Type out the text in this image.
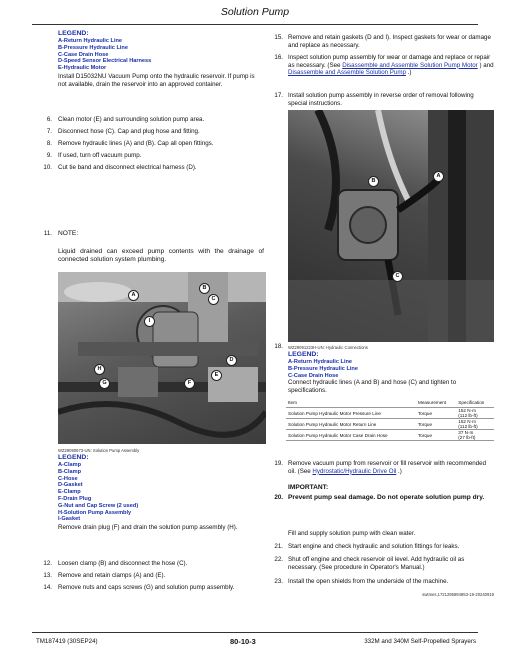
Solution Pump
LEGEND:
A-Return Hydraulic Line
B-Pressure Hydraulic Line
C-Case Drain Hose
D-Speed Sensor Electrical Harness
E-Hydraulic Motor
Install D15032NU Vacuum Pump onto the hydraulic reservoir. If pump is not available, drain the reservoir into an approved container.
6. Clean motor (E) and surrounding solution pump area.
7. Disconnect hose (C). Cap and plug hose and fitting.
8. Remove hydraulic lines (A) and (B). Cap all open fittings.
9. If used, turn off vacuum pump.
10. Cut tie band and disconnect electrical harness (D).
11. NOTE:
Liquid drained can exceed pump contents with the drainage of connected solution system plumbing.
A
B
C
I
D
H
E
G	F
WZ29090673-UN: Solution Pump Assembly
LEGEND:
A-Clamp
B-Clamp
C-Hose
D-Gasket
E-Clamp
F-Drain Plug
G-Nut and Cap Screw (2 used)
H-Solution Pump Assembly
I-Gasket
Remove drain plug (F) and drain the solution pump assembly (H).
12. Loosen clamp (B) and disconnect the hose (C).
13. Remove and retain clamps (A) and (E).
14. Remove nuts and caps screws (G) and solution pump assembly.
15. Remove and retain gaskets (D and I). Inspect gaskets for wear or damage and replace as necessary.
16. Inspect solution pump assembly for wear or damage and replace or repair as necessary. (See Disassemble and Assemble Solution Pump Motor ) and Disassemble and Assemble Solution Pump .)
17. Install solution pump assembly in reverse order of removal following special instructions.
B
A
C
18. WZ29091223H-UN: Hydraulic Connections
LEGEND:
A-Return Hydraulic Line
B-Pressure Hydraulic Line
C-Case Drain Hose
Connect hydraulic lines (A and B) and hose (C) and tighten to specifications.
Item	Measurement	Specification
Solution Pump Hydraulic Motor Pressure Line	Torque	152 N·m
(112 lb-ft)

Solution Pump Hydraulic Motor Return Line	Torque	152 N·m
(112 lb-ft)

Solution Pump Hydraulic Motor Case Drain Hose	Torque	37 N·m
(27 lb-ft)
19. Remove vacuum pump from reservoir or fill reservoir with recommended oil. (See Hydrostatic/Hydraulic Drive Oil .)
IMPORTANT:
20. Prevent pump seal damage. Do not operate solution pump dry.
Fill and supply solution pump with clean water.
21. Start engine and check hydraulic and solution fittings for leaks.
22. Shut off engine and check reservoir oil level. Add hydraulic oil as necessary. (See procedure in Operator's Manual.)
23. Install the open shields from the underside of the machine.
swtmes,1721295894953-19-20240919
TM187419 (30SEP24)	80-10-3	332M and 340M Self-Propelled Sprayers
